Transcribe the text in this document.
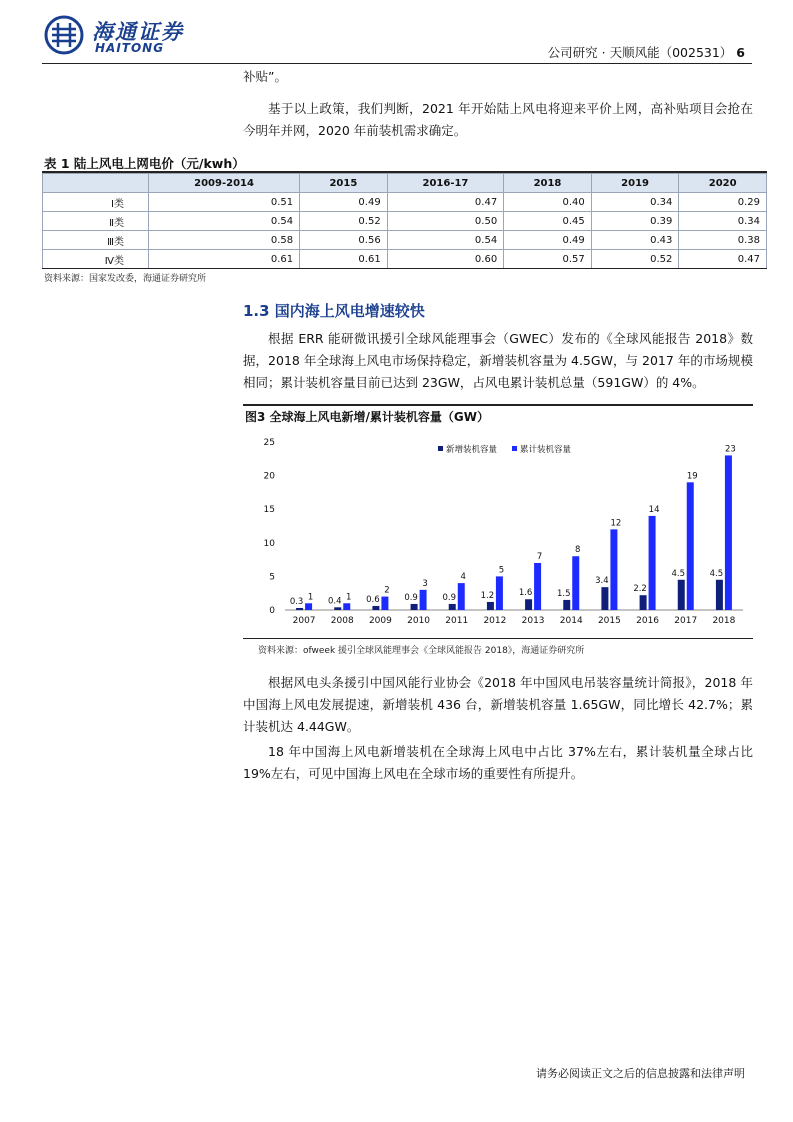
海通证券
HAITONG	公司研究 · 天顺风能（002531） 6
补贴”。
基于以上政策，我们判断，2021 年开始陆上风电将迎来平价上网，高补贴项目会抢在今明年并网，2020 年前装机需求确定。
表 1 陆上风电上网电价（元/kwh）
	2009-2014	2015	2016-17	2018	2019	2020
Ⅰ类	0.51	0.49	0.47	0.40	0.34	0.29
Ⅱ类	0.54	0.52	0.50	0.45	0.39	0.34
Ⅲ类	0.58	0.56	0.54	0.49	0.43	0.38
Ⅳ类	0.61	0.61	0.60	0.57	0.52	0.47
资料来源：国家发改委，海通证券研究所
1.3 国内海上风电增速较快
根据 ERR 能研微讯援引全球风能理事会（GWEC）发布的《全球风能报告 2018》数据，2018 年全球海上风电市场保持稳定，新增装机容量为 4.5GW，与 2017 年的市场规模相同；累计装机容量目前已达到 23GW，占风电累计装机总量（591GW）的 4%。
图3 全球海上风电新增/累计装机容量（GW）
0
5
10
15
20
25
2007
0.3 1
2008
0.4 1
2009
0.6
2
2010
0.9
3
2011
0.9
4
2012
1.2
5
2013
1.6
7
2014
1.5
8
2015
3.4
12
2016
2.2
14
2017
4.5
19
2018
4.5
23
新增装机容量	累计装机容量
资料来源：ofweek 援引全球风能理事会《全球风能报告 2018》，海通证券研究所
根据风电头条援引中国风能行业协会《2018 年中国风电吊装容量统计简报》，2018 年中国海上风电发展提速，新增装机 436 台，新增装机容量 1.65GW，同比增长 42.7%；累计装机达 4.44GW。
18 年中国海上风电新增装机在全球海上风电中占比 37%左右，累计装机量全球占比 19%左右，可见中国海上风电在全球市场的重要性有所提升。
请务必阅读正文之后的信息披露和法律声明
